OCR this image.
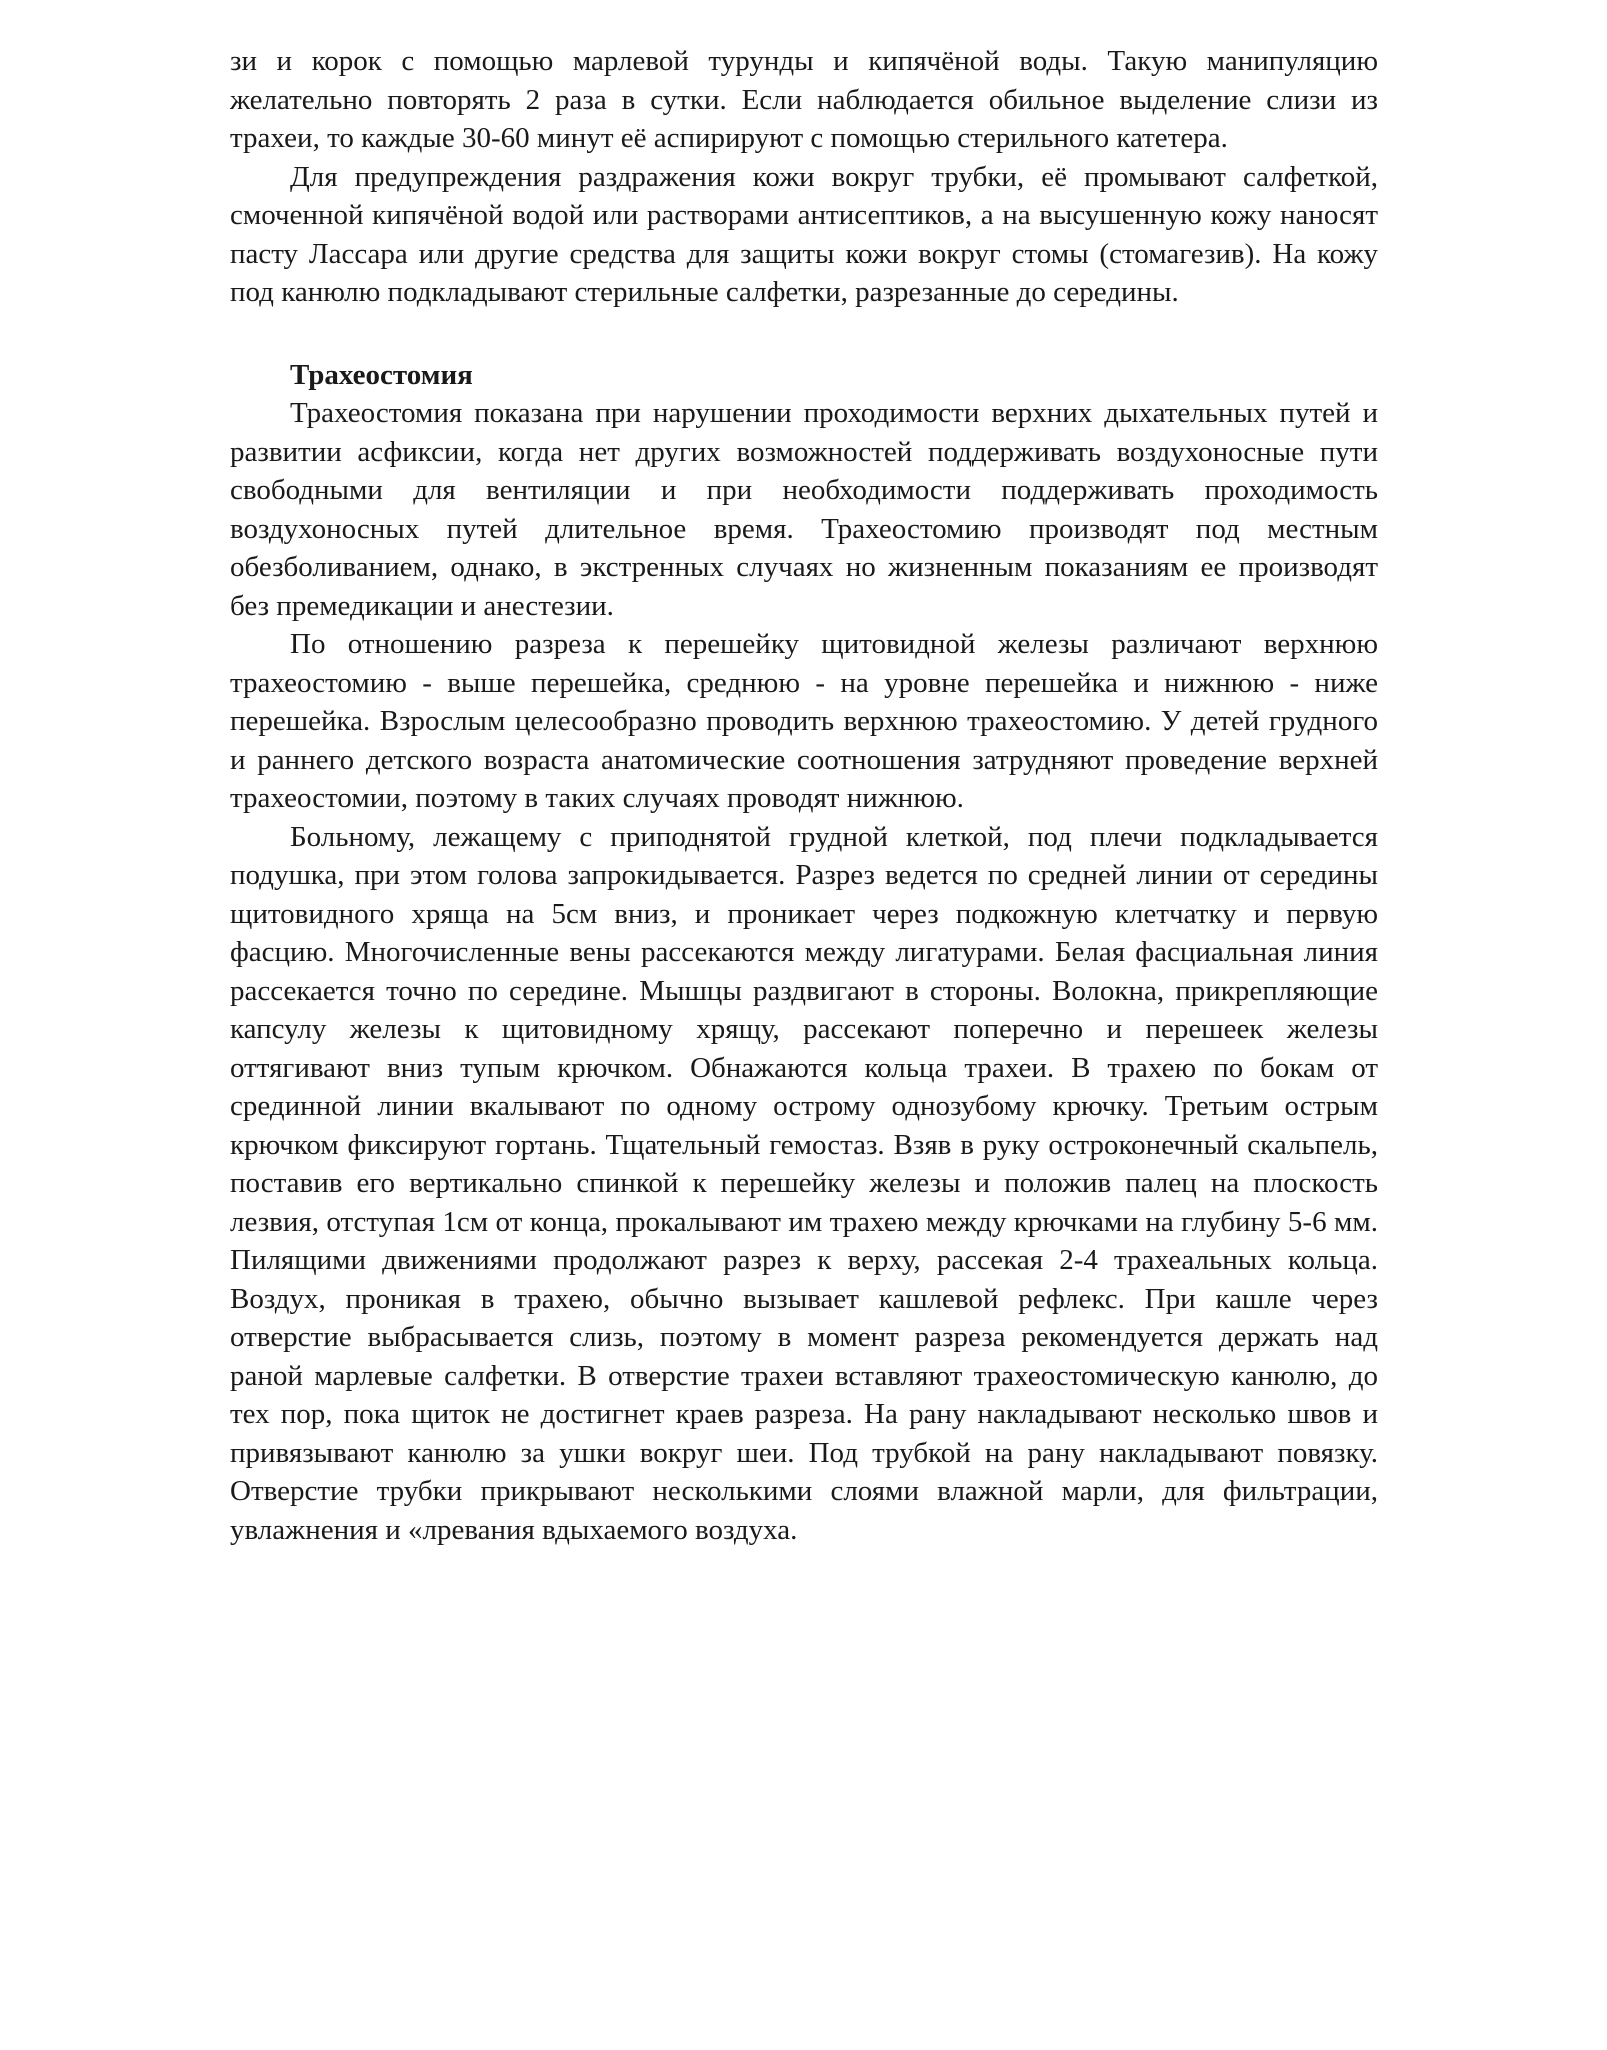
зи и корок с помощью марлевой турунды и кипячёной воды. Такую манипуляцию желательно повторять 2 раза в сутки. Если наблюдается обильное выделение слизи из трахеи, то каждые 30-60 минут её аспирируют с помощью стерильного катетера.

Для предупреждения раздражения кожи вокруг трубки, её промывают салфеткой, смоченной кипячёной водой или растворами антисептиков, а на высушенную кожу наносят пасту Лассара или другие средства для защиты кожи вокруг стомы (стомагезив). На кожу под канюлю подкладывают стерильные салфетки, разрезанные до середины.

Трахеостомия

Трахеостомия показана при нарушении проходимости верхних дыхательных путей и развитии асфиксии, когда нет других возможностей поддерживать воздухоносные пути свободными для вентиляции и при необходимости поддерживать проходимость воздухоносных путей длительное время. Трахеостомию производят под местным обезболиванием, однако, в экстренных случаях но жизненным показаниям ее производят без премедикации и анестезии.

По отношению разреза к перешейку щитовидной железы различают верхнюю трахеостомию - выше перешейка, среднюю - на уровне перешейка и нижнюю - ниже перешейка. Взрослым целесообразно проводить верхнюю трахеостомию. У детей грудного и раннего детского возраста анатомические соотношения затрудняют проведение верхней трахеостомии, поэтому в таких случаях проводят нижнюю.

Больному, лежащему с приподнятой грудной клеткой, под плечи подкладывается подушка, при этом голова запрокидывается. Разрез ведется по средней линии от середины щитовидного хряща на 5см вниз, и проникает через подкожную клетчатку и первую фасцию. Многочисленные вены рассекаются между лигатурами. Белая фасциальная линия рассекается точно по середине. Мышцы раздвигают в стороны. Волокна, прикрепляющие капсулу железы к щитовидному хрящу, рассекают поперечно и перешеек железы оттягивают вниз тупым крючком. Обнажаются кольца трахеи. В трахею по бокам от срединной линии вкалывают по одному острому однозубому крючку. Третьим острым крючком фиксируют гортань. Тщательный гемостаз. Взяв в руку остроконечный скальпель, поставив его вертикально спинкой к перешейку железы и положив палец на плоскость лезвия, отступая 1см от конца, прокалывают им трахею между крючками на глубину 5-6 мм. Пилящими движениями продолжают разрез к верху, рассекая 2-4 трахеальных кольца. Воздух, проникая в трахею, обычно вызывает кашлевой рефлекс. При кашле через отверстие выбрасывается слизь, поэтому в момент разреза рекомендуется держать над раной марлевые салфетки. В отверстие трахеи вставляют трахеостомическую канюлю, до тех пор, пока щиток не достигнет краев разреза. На рану накладывают несколько швов и привязывают канюлю за ушки вокруг шеи. Под трубкой на рану накладывают повязку. Отверстие трубки прикрывают несколькими слоями влажной марли, для фильтрации, увлажнения и «лревания вдыхаемого воздуха.
